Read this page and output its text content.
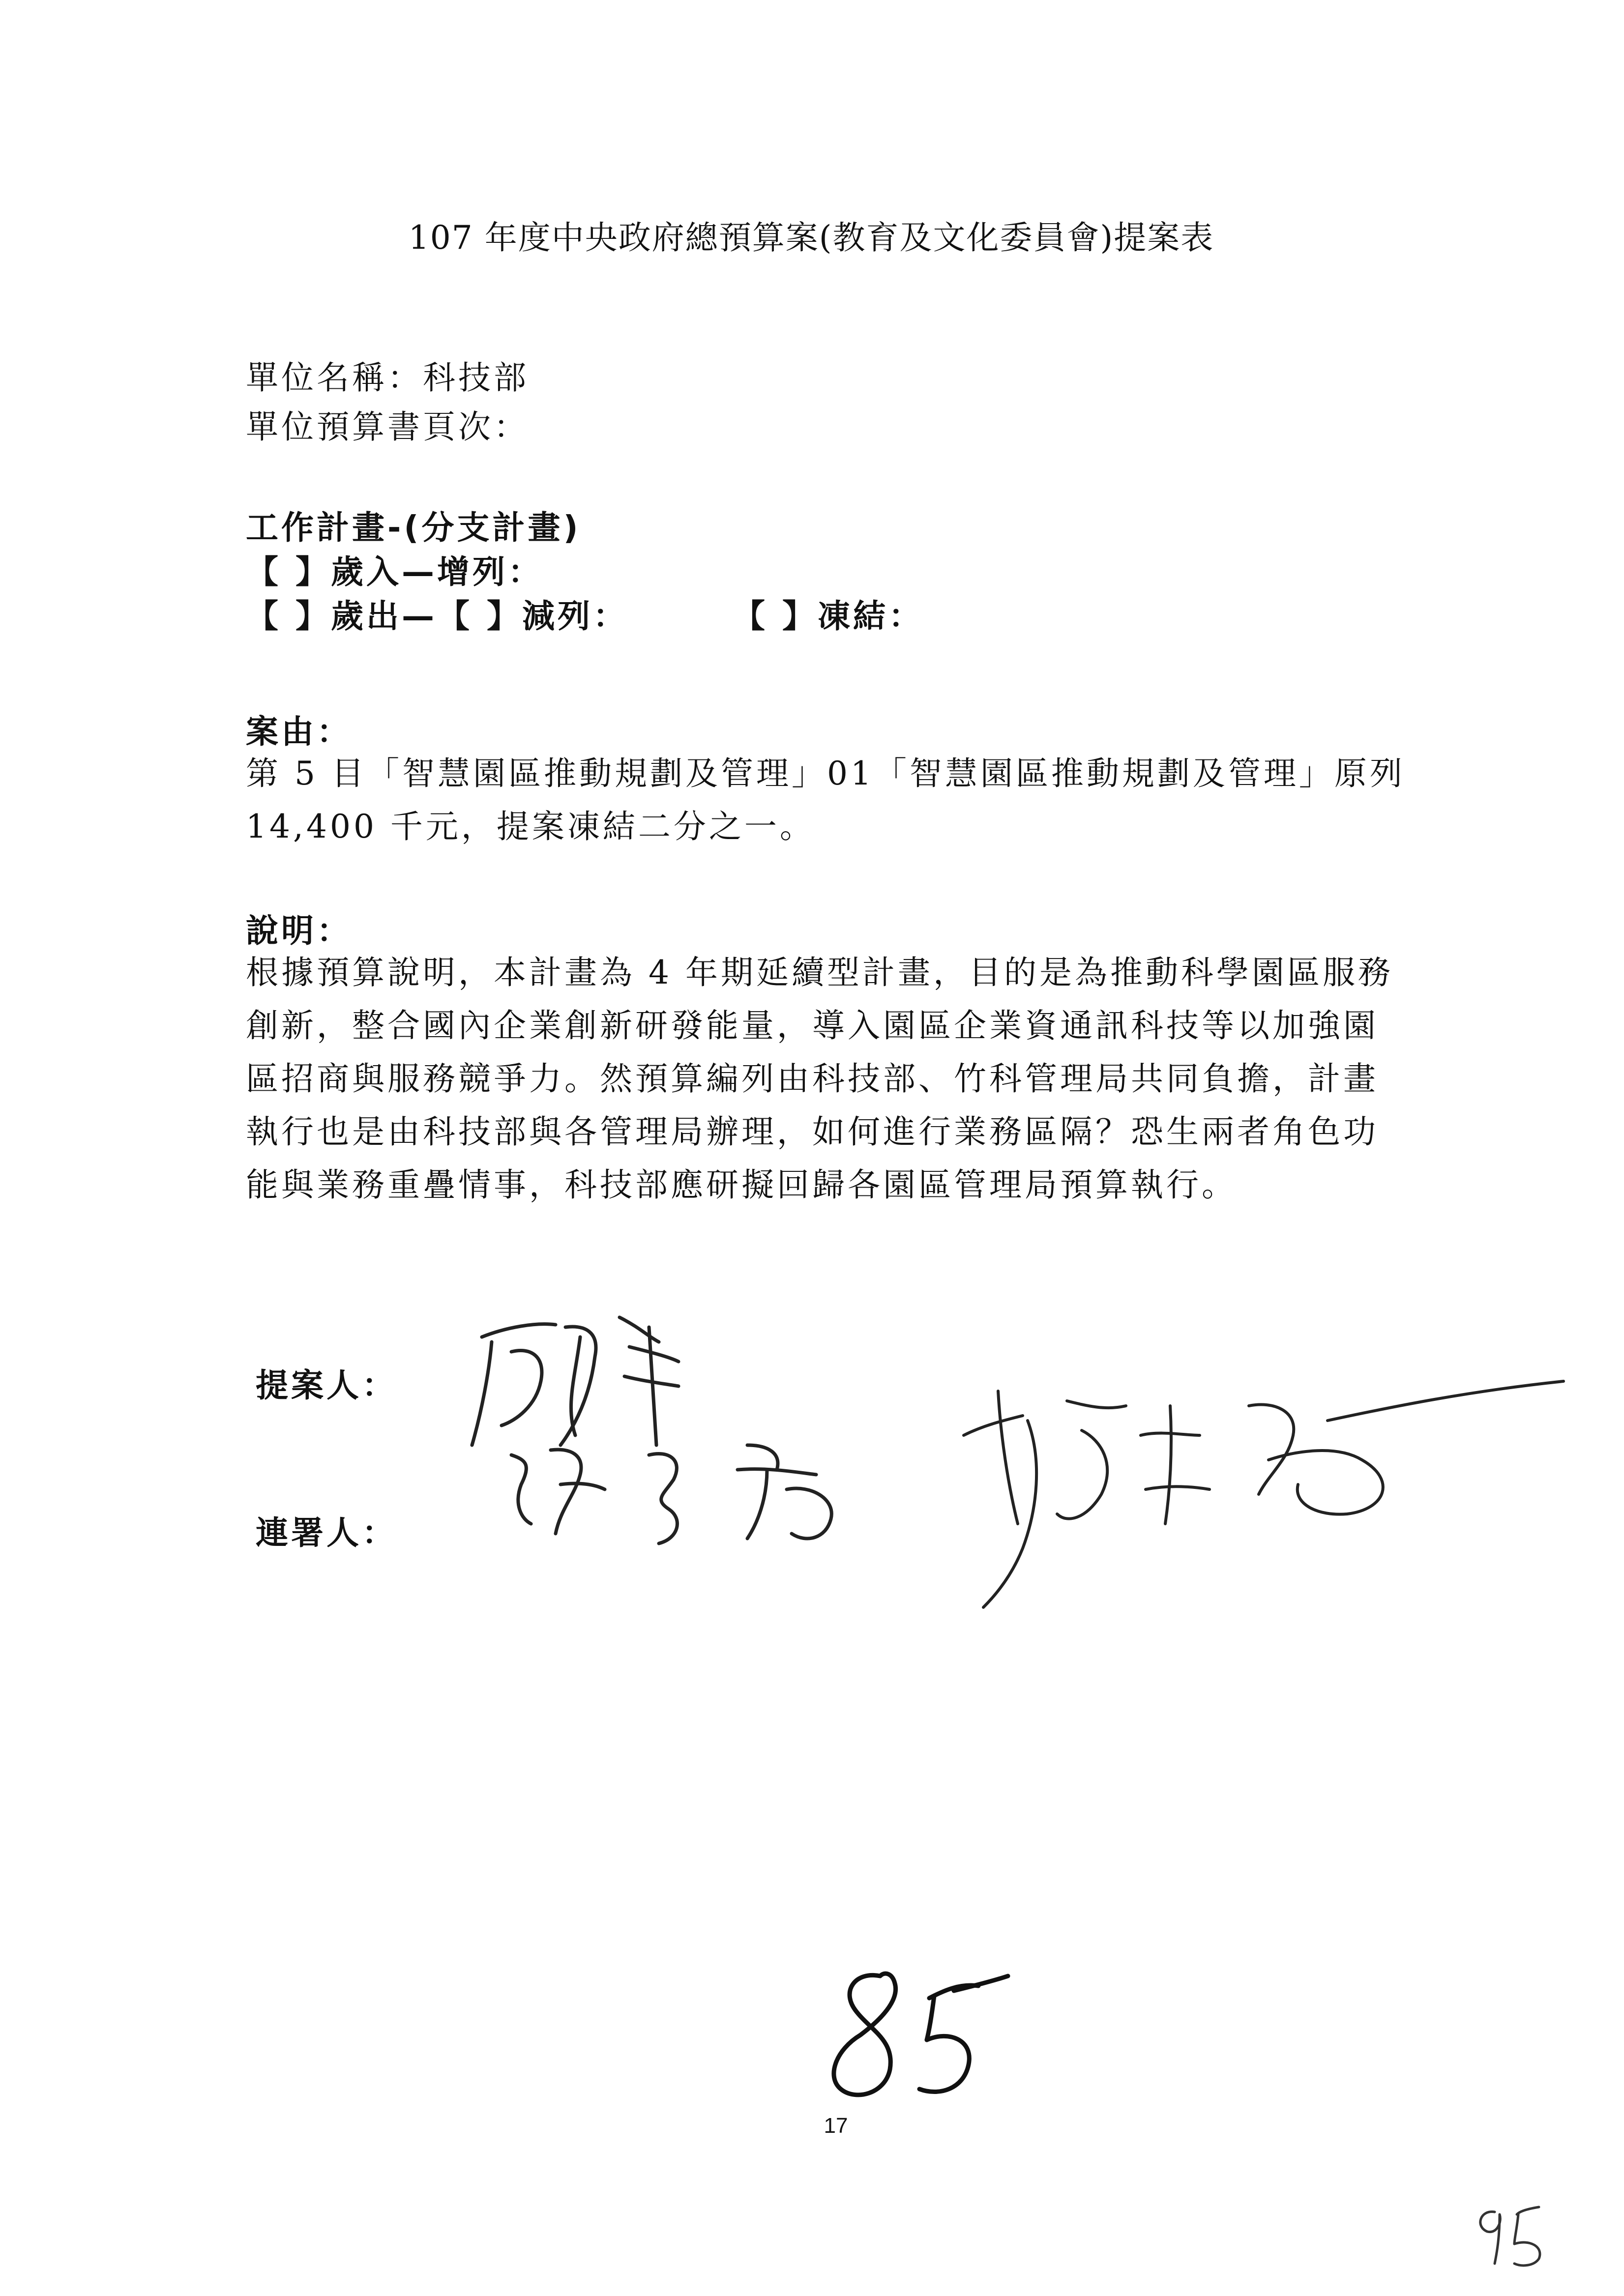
107 年度中央政府總預算案(教育及文化委員會)提案表
單位名稱：科技部
單位預算書頁次：
工作計畫-(分支計畫)
【 】歲入—增列：
【 】歲出—【 】減列：	【 】凍結：
案由：
第 5 目「智慧園區推動規劃及管理」01「智慧園區推動規劃及管理」原列 14,400 千元，提案凍結二分之一。
說明：
根據預算說明，本計畫為 4 年期延續型計畫，目的是為推動科學園區服務創新，整合國內企業創新研發能量，導入園區企業資通訊科技等以加強園區招商與服務競爭力。然預算編列由科技部、竹科管理局共同負擔，計畫執行也是由科技部與各管理局辦理，如何進行業務區隔？恐生兩者角色功能與業務重疊情事，科技部應研擬回歸各園區管理局預算執行。
提案人：
連署人：
17
